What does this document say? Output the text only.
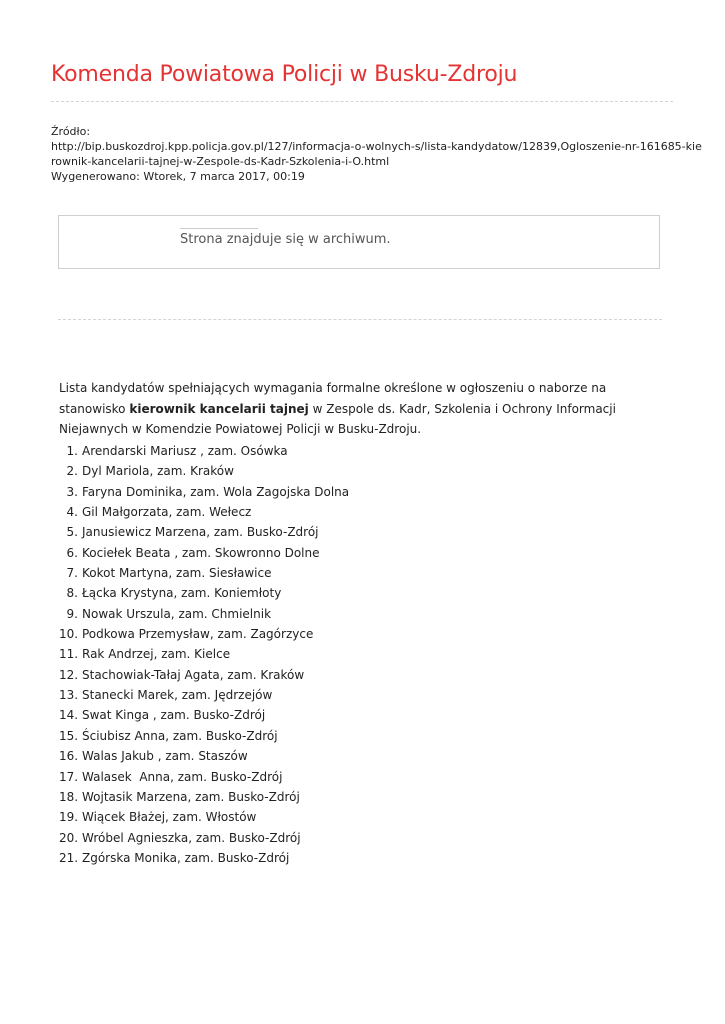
Komenda Powiatowa Policji w Busku-Zdroju
Źródło:
http://bip.buskozdroj.kpp.policja.gov.pl/127/informacja-o-wolnych-s/lista-kandydatow/12839,Ogloszenie-nr-161685-kie
rownik-kancelarii-tajnej-w-Zespole-ds-Kadr-Szkolenia-i-O.html
Wygenerowano: Wtorek, 7 marca 2017, 00:19
Strona znajduje się w archiwum.

Lista kandydatów spełniających wymagania formalne określone w ogłoszeniu o naborze na stanowisko kierownik kancelarii tajnej w Zespole ds. Kadr, Szkolenia i Ochrony Informacji Niejawnych w Komendzie Powiatowej Policji w Busku-Zdroju.

1. Arendarski Mariusz , zam. Osówka
2. Dyl Mariola, zam. Kraków
3. Faryna Dominika, zam. Wola Zagojska Dolna
4. Gil Małgorzata, zam. Wełecz
5. Janusiewicz Marzena, zam. Busko-Zdrój
6. Kociełek Beata , zam. Skowronno Dolne
7. Kokot Martyna, zam. Siesławice
8. Łącka Krystyna, zam. Koniemłoty
9. Nowak Urszula, zam. Chmielnik
10. Podkowa Przemysław, zam. Zagórzyce
11. Rak Andrzej, zam. Kielce
12. Stachowiak-Tałaj Agata, zam. Kraków
13. Stanecki Marek, zam. Jędrzejów
14. Swat Kinga , zam. Busko-Zdrój
15. Ściubisz Anna, zam. Busko-Zdrój
16. Walas Jakub , zam. Staszów
17. Walasek  Anna, zam. Busko-Zdrój
18. Wojtasik Marzena, zam. Busko-Zdrój
19. Wiącek Błażej, zam. Włostów
20. Wróbel Agnieszka, zam. Busko-Zdrój
21. Zgórska Monika, zam. Busko-Zdrój
